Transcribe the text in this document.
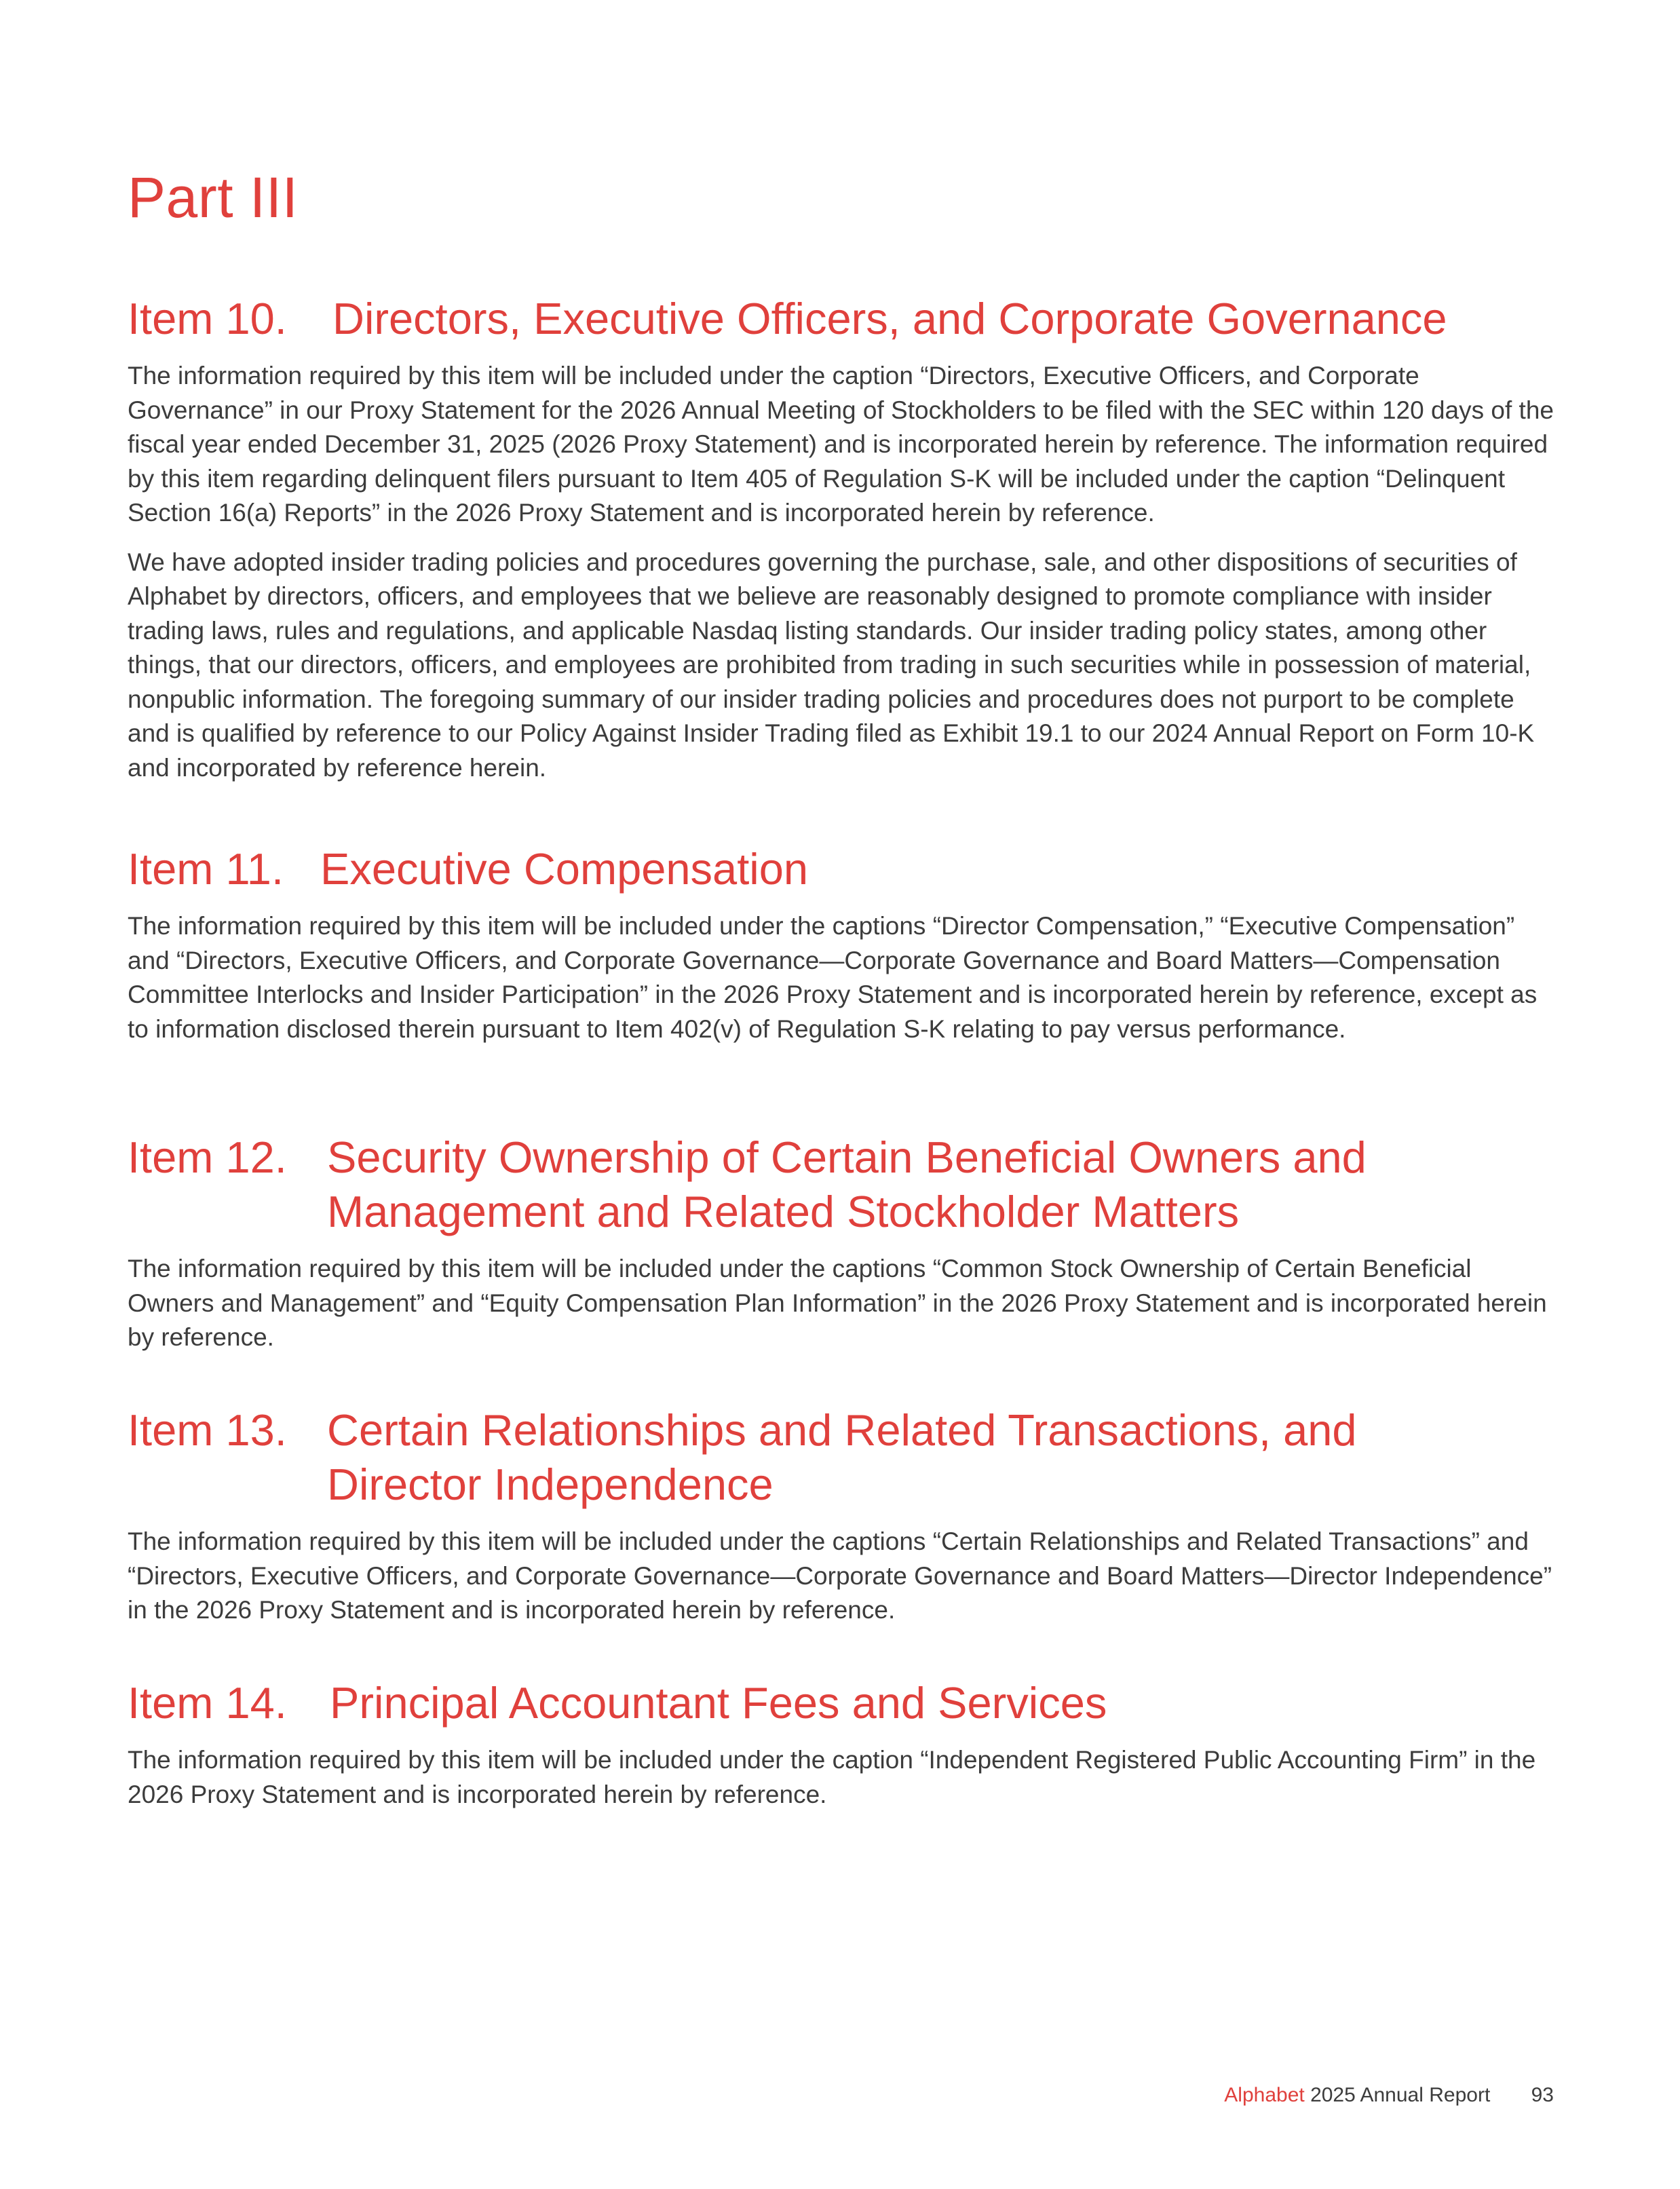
Part III
Item 10.	Directors, Executive Officers, and Corporate Governance

The information required by this item will be included under the caption “Directors, Executive Officers, and Corporate Governance” in our Proxy Statement for the 2026 Annual Meeting of Stockholders to be filed with the SEC within 120 days of the fiscal year ended December 31, 2025 (2026 Proxy Statement) and is incorporated herein by reference. The information required by this item regarding delinquent filers pursuant to Item 405 of Regulation S-K will be included under the caption “Delinquent Section 16(a) Reports” in the 2026 Proxy Statement and is incorporated herein by reference.

We have adopted insider trading policies and procedures governing the purchase, sale, and other dispositions of securities of Alphabet by directors, officers, and employees that we believe are reasonably designed to promote compliance with insider trading laws, rules and regulations, and applicable Nasdaq listing standards. Our insider trading policy states, among other things, that our directors, officers, and employees are prohibited from trading in such securities while in possession of material, nonpublic information. The foregoing summary of our insider trading policies and procedures does not purport to be complete and is qualified by reference to our Policy Against Insider Trading filed as Exhibit 19.1 to our 2024 Annual Report on Form 10-K and incorporated by reference herein.

Item 11. Executive Compensation

The information required by this item will be included under the captions “Director Compensation,” “Executive Compensation” and “Directors, Executive Officers, and Corporate Governance—Corporate Governance and Board Matters—Compensation Committee Interlocks and Insider Participation” in the 2026 Proxy Statement and is incorporated herein by reference, except as to information disclosed therein pursuant to Item 402(v) of Regulation S-K relating to pay versus performance.

Item 12. Security Ownership of Certain Beneficial Owners and Management and Related Stockholder Matters

The information required by this item will be included under the captions “Common Stock Ownership of Certain Beneficial Owners and Management” and “Equity Compensation Plan Information” in the 2026 Proxy Statement and is incorporated herein by reference.

Item 13. Certain Relationships and Related Transactions, and Director Independence

The information required by this item will be included under the captions “Certain Relationships and Related Transactions” and “Directors, Executive Officers, and Corporate Governance—Corporate Governance and Board Matters—Director Independence” in the 2026 Proxy Statement and is incorporated herein by reference.

Item 14. Principal Accountant Fees and Services

The information required by this item will be included under the caption “Independent Registered Public Accounting Firm” in the 2026 Proxy Statement and is incorporated herein by reference.

Alphabet 2025 Annual Report 93
